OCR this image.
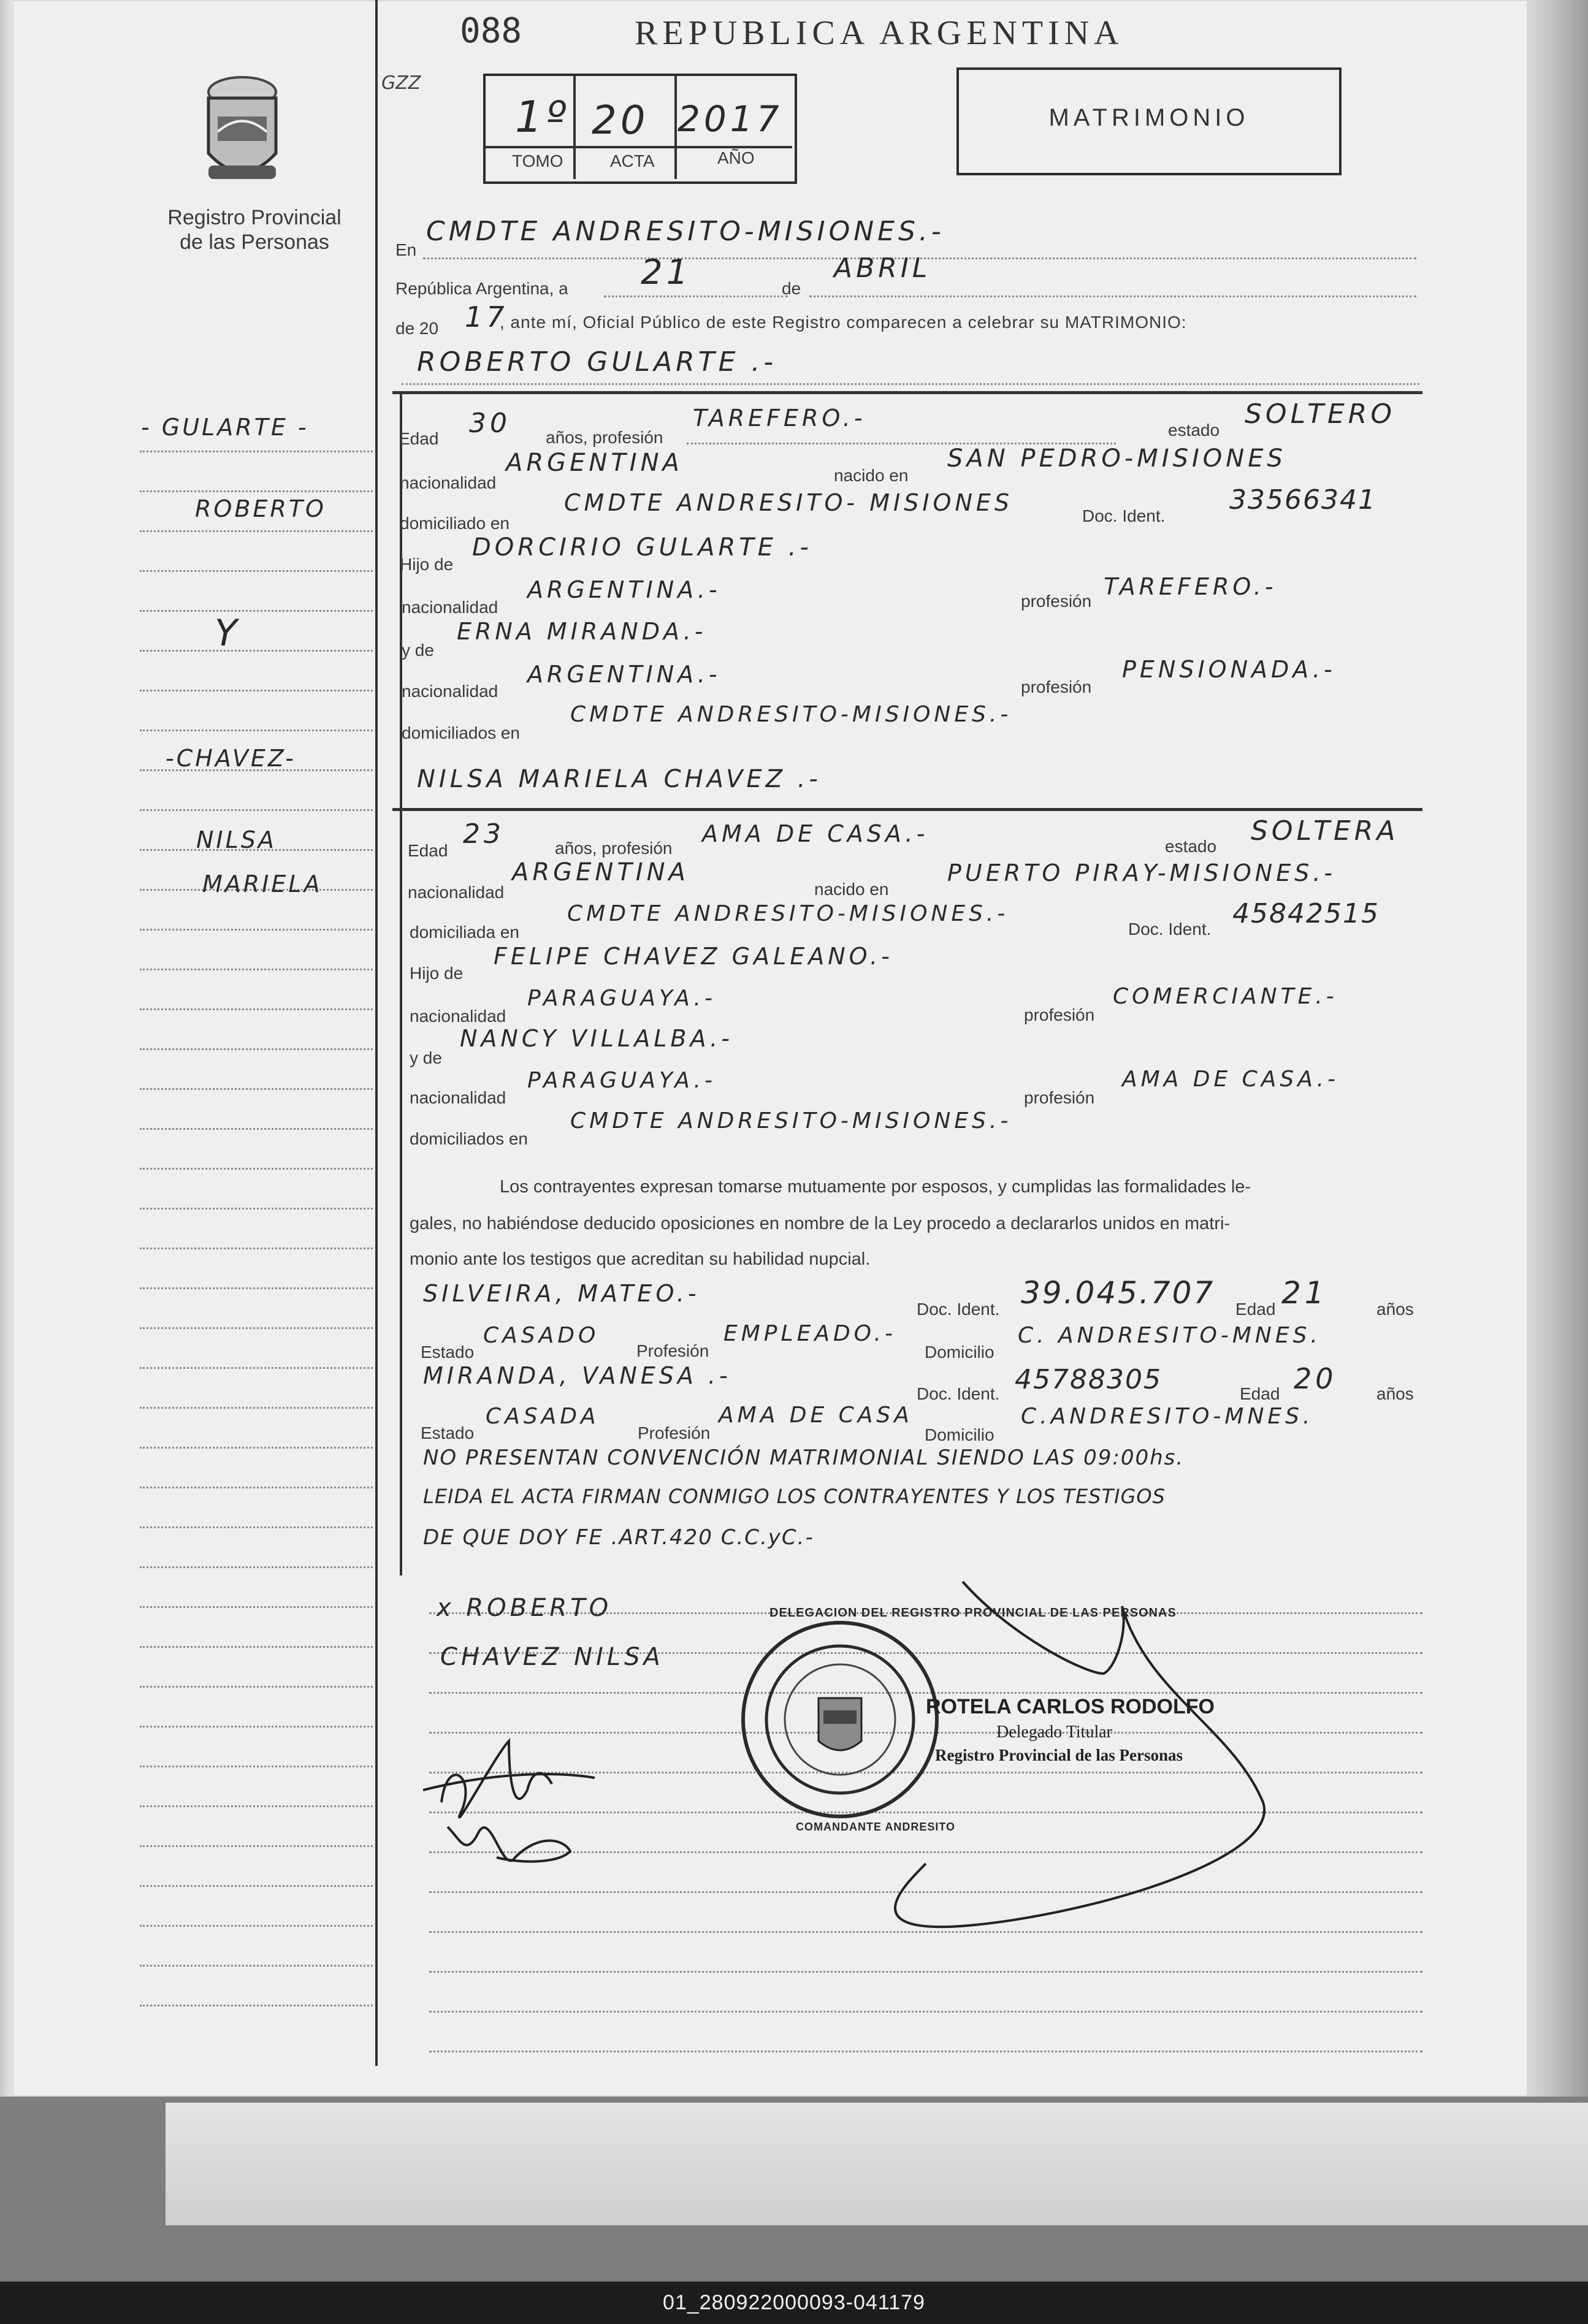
088	REPUBLICA ARGENTINA
GZZ
Registro Provincial de las Personas
1º 20 2017
TOMO	ACTA	AÑO
MATRIMONIO
- GULARTE -
ROBERTO
Y
-CHAVEZ-
NILSA
MARIELA
En
CMDTE ANDRESITO-MISIONES.-
República Argentina, a 21	de
ABRIL
de 20 17
, ante mí, Oficial Público de este Registro comparecen a celebrar su MATRIMONIO:
ROBERTO GULARTE .-
Edad 30 años, profesión
TAREFERO.-	estado
SOLTERO
nacionalidad
ARGENTINA	nacido en
SAN PEDRO-MISIONES
domiciliado en
CMDTE ANDRESITO- MISIONES	Doc. Ident.
33566341
Hijo de
DORCIRIO GULARTE .-
nacionalidad
ARGENTINA.-	profesión
TAREFERO.-
y de
ERNA MIRANDA.-
nacionalidad
ARGENTINA.-	profesión
PENSIONADA.-
domiciliados en
CMDTE ANDRESITO-MISIONES.-
NILSA MARIELA CHAVEZ .-
Edad
23	años, profesión
AMA DE CASA.-	estado SOLTERA
nacionalidad
ARGENTINA
nacido en
PUERTO PIRAY-MISIONES.-
domiciliada en
CMDTE ANDRESITO-MISIONES.-
Doc. Ident. 45842515
Hijo de
FELIPE CHAVEZ GALEANO.-
nacionalidad
PARAGUAYA.-
profesión
COMERCIANTE.-
y de
NANCY VILLALBA.-
nacionalidad
PARAGUAYA.-
profesión
AMA DE CASA.-
domiciliados en
CMDTE ANDRESITO-MISIONES.-
Los contrayentes expresan tomarse mutuamente por esposos, y cumplidas las formalidades le-
gales, no habiéndose deducido oposiciones en nombre de la Ley procedo a declararlos unidos en matri-
monio ante los testigos que acreditan su habilidad nupcial.
SILVEIRA, MATEO.-
Doc. Ident. 39.045.707 Edad 21	años
Estado
CASADO
Profesión
EMPLEADO.-
Domicilio
C. ANDRESITO-MNES.
MIRANDA, VANESA .-
Doc. Ident. 45788305	Edad 20 años
Estado
CASADA
Profesión
AMA DE CASA
Domicilio
C.ANDRESITO-MNES.
NO PRESENTAN CONVENCIÓN MATRIMONIAL SIENDO LAS 09:00hs.
LEIDA EL ACTA FIRMAN CONMIGO LOS CONTRAYENTES Y LOS TESTIGOS
DE QUE DOY FE .ART.420 C.C.yC.-
x ROBERTO
CHAVEZ NILSA
DELEGACION DEL REGISTRO PROVINCIAL DE LAS PERSONAS
COMANDANTE ANDRESITO
ROTELA CARLOS RODOLFO
Delegado Titular
Registro Provincial de las Personas
01_280922000093-041179
